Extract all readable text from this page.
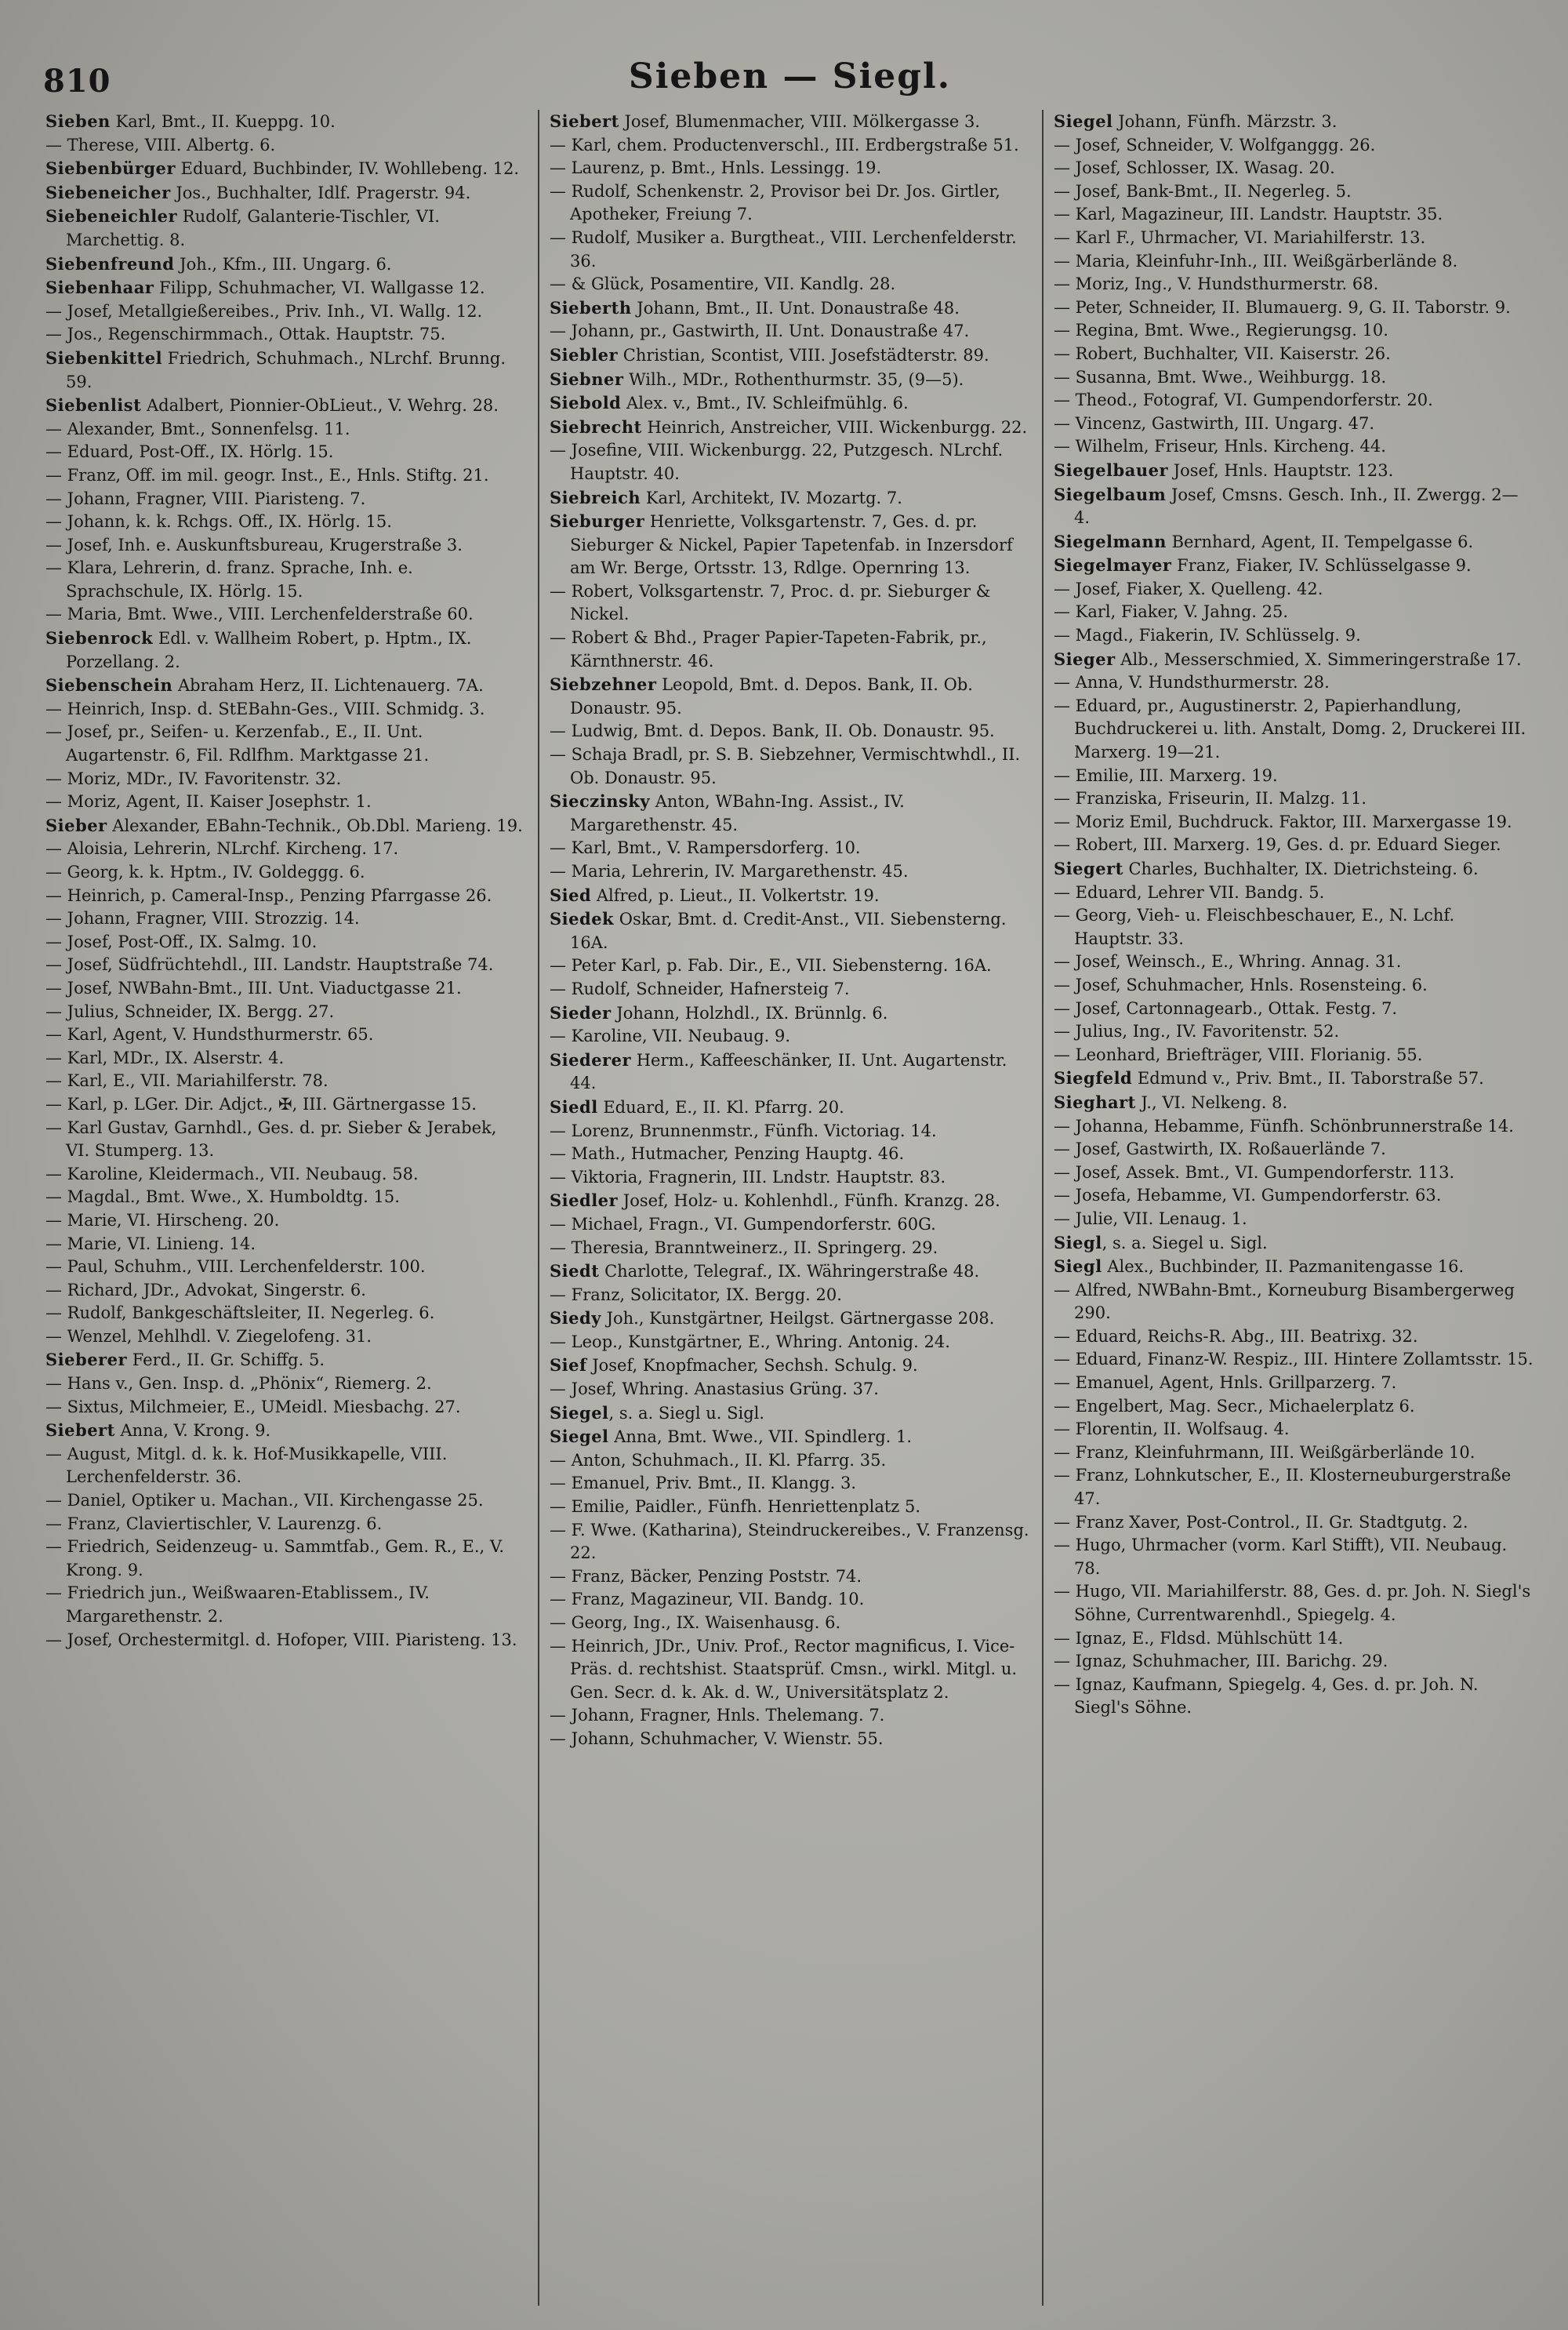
810	Sieben — Siegl.

Sieben Karl, Bmt., II. Kueppg. 10.

— Therese, VIII. Albertg. 6.

Siebenbürger Eduard, Buchbinder, IV. Wohllebeng. 12.

Siebeneicher Jos., Buchhalter, Idlf. Pragerstr. 94.

Siebeneichler Rudolf, Galanterie-Tischler, VI. Marchettig. 8.

Siebenfreund Joh., Kfm., III. Ungarg. 6.

Siebenhaar Filipp, Schuhmacher, VI. Wallgasse 12.

— Josef, Metallgießereibes., Priv. Inh., VI. Wallg. 12.

— Jos., Regenschirmmach., Ottak. Hauptstr. 75.

Siebenkittel Friedrich, Schuhmach., NLrchf. Brunng. 59.

Siebenlist Adalbert, Pionnier-ObLieut., V. Wehrg. 28.

— Alexander, Bmt., Sonnenfelsg. 11.

— Eduard, Post-Off., IX. Hörlg. 15.

— Franz, Off. im mil. geogr. Inst., E., Hnls. Stiftg. 21.

— Johann, Fragner, VIII. Piaristeng. 7.

— Johann, k. k. Rchgs. Off., IX. Hörlg. 15.

— Josef, Inh. e. Auskunftsbureau, Krugerstraße 3.

— Klara, Lehrerin, d. franz. Sprache, Inh. e. Sprachschule, IX. Hörlg. 15.

— Maria, Bmt. Wwe., VIII. Lerchenfelderstraße 60.

Siebenrock Edl. v. Wallheim Robert, p. Hptm., IX. Porzellang. 2.

Siebenschein Abraham Herz, II. Lichtenauerg. 7A.

— Heinrich, Insp. d. StEBahn-Ges., VIII. Schmidg. 3.

— Josef, pr., Seifen- u. Kerzenfab., E., II. Unt. Augartenstr. 6, Fil. Rdlfhm. Marktgasse 21.

— Moriz, MDr., IV. Favoritenstr. 32.

— Moriz, Agent, II. Kaiser Josephstr. 1.

Sieber Alexander, EBahn-Technik., Ob.Dbl. Marieng. 19.

— Aloisia, Lehrerin, NLrchf. Kircheng. 17.

— Georg, k. k. Hptm., IV. Goldeggg. 6.

— Heinrich, p. Cameral-Insp., Penzing Pfarrgasse 26.

— Johann, Fragner, VIII. Strozzig. 14.

— Josef, Post-Off., IX. Salmg. 10.

— Josef, Südfrüchtehdl., III. Landstr. Hauptstraße 74.

— Josef, NWBahn-Bmt., III. Unt. Viaductgasse 21.

— Julius, Schneider, IX. Bergg. 27.

— Karl, Agent, V. Hundsthurmerstr. 65.

— Karl, MDr., IX. Alserstr. 4.

— Karl, E., VII. Mariahilferstr. 78.

— Karl, p. LGer. Dir. Adjct., ✠, III. Gärtnergasse 15.

— Karl Gustav, Garnhdl., Ges. d. pr. Sieber & Jerabek, VI. Stumperg. 13.

— Karoline, Kleidermach., VII. Neubaug. 58.

— Magdal., Bmt. Wwe., X. Humboldtg. 15.

— Marie, VI. Hirscheng. 20.

— Marie, VI. Linieng. 14.

— Paul, Schuhm., VIII. Lerchenfelderstr. 100.

— Richard, JDr., Advokat, Singerstr. 6.

— Rudolf, Bankgeschäftsleiter, II. Negerleg. 6.

— Wenzel, Mehlhdl. V. Ziegelofeng. 31.

Sieberer Ferd., II. Gr. Schiffg. 5.

— Hans v., Gen. Insp. d. „Phönix“, Riemerg. 2.

— Sixtus, Milchmeier, E., UMeidl. Miesbachg. 27.

Siebert Anna, V. Krong. 9.

— August, Mitgl. d. k. k. Hof-Musikkapelle, VIII. Lerchenfelderstr. 36.

— Daniel, Optiker u. Machan., VII. Kirchengasse 25.

— Franz, Claviertischler, V. Laurenzg. 6.

— Friedrich, Seidenzeug- u. Sammtfab., Gem. R., E., V. Krong. 9.

— Friedrich jun., Weißwaaren-Etablissem., IV. Margarethenstr. 2.

— Josef, Orchestermitgl. d. Hofoper, VIII. Piaristeng. 13.

Siebert Josef, Blumenmacher, VIII. Mölkergasse 3.

— Karl, chem. Productenverschl., III. Erdbergstraße 51.

— Laurenz, p. Bmt., Hnls. Lessingg. 19.

— Rudolf, Schenkenstr. 2, Provisor bei Dr. Jos. Girtler, Apotheker, Freiung 7.

— Rudolf, Musiker a. Burgtheat., VIII. Lerchenfelderstr. 36.

— & Glück, Posamentire, VII. Kandlg. 28.

Sieberth Johann, Bmt., II. Unt. Donaustraße 48.

— Johann, pr., Gastwirth, II. Unt. Donaustraße 47.

Siebler Christian, Scontist, VIII. Josefstädterstr. 89.

Siebner Wilh., MDr., Rothenthurmstr. 35, (9—5).

Siebold Alex. v., Bmt., IV. Schleifmühlg. 6.

Siebrecht Heinrich, Anstreicher, VIII. Wickenburgg. 22.

— Josefine, VIII. Wickenburgg. 22, Putzgesch. NLrchf. Hauptstr. 40.

Siebreich Karl, Architekt, IV. Mozartg. 7.

Sieburger Henriette, Volksgartenstr. 7, Ges. d. pr. Sieburger & Nickel, Papier Tapetenfab. in Inzersdorf am Wr. Berge, Ortsstr. 13, Rdlge. Opernring 13.

— Robert, Volksgartenstr. 7, Proc. d. pr. Sieburger & Nickel.

— Robert & Bhd., Prager Papier-Tapeten-Fabrik, pr., Kärnthnerstr. 46.

Siebzehner Leopold, Bmt. d. Depos. Bank, II. Ob. Donaustr. 95.

— Ludwig, Bmt. d. Depos. Bank, II. Ob. Donaustr. 95.

— Schaja Bradl, pr. S. B. Siebzehner, Vermischtwhdl., II. Ob. Donaustr. 95.

Sieczinsky Anton, WBahn-Ing. Assist., IV. Margarethenstr. 45.

— Karl, Bmt., V. Rampersdorferg. 10.

— Maria, Lehrerin, IV. Margarethenstr. 45.

Sied Alfred, p. Lieut., II. Volkertstr. 19.

Siedek Oskar, Bmt. d. Credit-Anst., VII. Siebensterng. 16A.

— Peter Karl, p. Fab. Dir., E., VII. Siebensterng. 16A.

— Rudolf, Schneider, Hafnersteig 7.

Sieder Johann, Holzhdl., IX. Brünnlg. 6.

— Karoline, VII. Neubaug. 9.

Siederer Herm., Kaffeeschänker, II. Unt. Augartenstr. 44.

Siedl Eduard, E., II. Kl. Pfarrg. 20.

— Lorenz, Brunnenmstr., Fünfh. Victoriag. 14.

— Math., Hutmacher, Penzing Hauptg. 46.

— Viktoria, Fragnerin, III. Lndstr. Hauptstr. 83.

Siedler Josef, Holz- u. Kohlenhdl., Fünfh. Kranzg. 28.

— Michael, Fragn., VI. Gumpendorferstr. 60G.

— Theresia, Branntweinerz., II. Springerg. 29.

Siedt Charlotte, Telegraf., IX. Währingerstraße 48.

— Franz, Solicitator, IX. Bergg. 20.

Siedy Joh., Kunstgärtner, Heilgst. Gärtnergasse 208.

— Leop., Kunstgärtner, E., Whring. Antonig. 24.

Sief Josef, Knopfmacher, Sechsh. Schulg. 9.

— Josef, Whring. Anastasius Grüng. 37.

Siegel, s. a. Siegl u. Sigl.

Siegel Anna, Bmt. Wwe., VII. Spindlerg. 1.

— Anton, Schuhmach., II. Kl. Pfarrg. 35.

— Emanuel, Priv. Bmt., II. Klangg. 3.

— Emilie, Paidler., Fünfh. Henriettenplatz 5.

— F. Wwe. (Katharina), Steindruckereibes., V. Franzensg. 22.

— Franz, Bäcker, Penzing Poststr. 74.

— Franz, Magazineur, VII. Bandg. 10.

— Georg, Ing., IX. Waisenhausg. 6.

— Heinrich, JDr., Univ. Prof., Rector magnificus, I. Vice-Präs. d. rechtshist. Staatsprüf. Cmsn., wirkl. Mitgl. u. Gen. Secr. d. k. Ak. d. W., Universitätsplatz 2.

— Johann, Fragner, Hnls. Thelemang. 7.

— Johann, Schuhmacher, V. Wienstr. 55.

Siegel Johann, Fünfh. Märzstr. 3.

— Josef, Schneider, V. Wolfganggg. 26.

— Josef, Schlosser, IX. Wasag. 20.

— Josef, Bank-Bmt., II. Negerleg. 5.

— Karl, Magazineur, III. Landstr. Hauptstr. 35.

— Karl F., Uhrmacher, VI. Mariahilferstr. 13.

— Maria, Kleinfuhr-Inh., III. Weißgärberlände 8.

— Moriz, Ing., V. Hundsthurmerstr. 68.

— Peter, Schneider, II. Blumauerg. 9, G. II. Taborstr. 9.

— Regina, Bmt. Wwe., Regierungsg. 10.

— Robert, Buchhalter, VII. Kaiserstr. 26.

— Susanna, Bmt. Wwe., Weihburgg. 18.

— Theod., Fotograf, VI. Gumpendorferstr. 20.

— Vincenz, Gastwirth, III. Ungarg. 47.

— Wilhelm, Friseur, Hnls. Kircheng. 44.

Siegelbauer Josef, Hnls. Hauptstr. 123.

Siegelbaum Josef, Cmsns. Gesch. Inh., II. Zwergg. 2—4.

Siegelmann Bernhard, Agent, II. Tempelgasse 6.

Siegelmayer Franz, Fiaker, IV. Schlüsselgasse 9.

— Josef, Fiaker, X. Quelleng. 42.

— Karl, Fiaker, V. Jahng. 25.

— Magd., Fiakerin, IV. Schlüsselg. 9.

Sieger Alb., Messerschmied, X. Simmeringerstraße 17.

— Anna, V. Hundsthurmerstr. 28.

— Eduard, pr., Augustinerstr. 2, Papierhandlung, Buchdruckerei u. lith. Anstalt, Domg. 2, Druckerei III. Marxerg. 19—21.

— Emilie, III. Marxerg. 19.

— Franziska, Friseurin, II. Malzg. 11.

— Moriz Emil, Buchdruck. Faktor, III. Marxergasse 19.

— Robert, III. Marxerg. 19, Ges. d. pr. Eduard Sieger.

Siegert Charles, Buchhalter, IX. Dietrichsteing. 6.

— Eduard, Lehrer VII. Bandg. 5.

— Georg, Vieh- u. Fleischbeschauer, E., N. Lchf. Hauptstr. 33.

— Josef, Weinsch., E., Whring. Annag. 31.

— Josef, Schuhmacher, Hnls. Rosensteing. 6.

— Josef, Cartonnagearb., Ottak. Festg. 7.

— Julius, Ing., IV. Favoritenstr. 52.

— Leonhard, Briefträger, VIII. Florianig. 55.

Siegfeld Edmund v., Priv. Bmt., II. Taborstraße 57.

Sieghart J., VI. Nelkeng. 8.

— Johanna, Hebamme, Fünfh. Schönbrunnerstraße 14.

— Josef, Gastwirth, IX. Roßauerlände 7.

— Josef, Assek. Bmt., VI. Gumpendorferstr. 113.

— Josefa, Hebamme, VI. Gumpendorferstr. 63.

— Julie, VII. Lenaug. 1.

Siegl, s. a. Siegel u. Sigl.

Siegl Alex., Buchbinder, II. Pazmanitengasse 16.

— Alfred, NWBahn-Bmt., Korneuburg Bisambergerweg 290.

— Eduard, Reichs-R. Abg., III. Beatrixg. 32.

— Eduard, Finanz-W. Respiz., III. Hintere Zollamtsstr. 15.

— Emanuel, Agent, Hnls. Grillparzerg. 7.

— Engelbert, Mag. Secr., Michaelerplatz 6.

— Florentin, II. Wolfsaug. 4.

— Franz, Kleinfuhrmann, III. Weißgärberlände 10.

— Franz, Lohnkutscher, E., II. Klosterneuburgerstraße 47.

— Franz Xaver, Post-Control., II. Gr. Stadtgutg. 2.

— Hugo, Uhrmacher (vorm. Karl Stifft), VII. Neubaug. 78.

— Hugo, VII. Mariahilferstr. 88, Ges. d. pr. Joh. N. Siegl's Söhne, Currentwarenhdl., Spiegelg. 4.

— Ignaz, E., Fldsd. Mühlschütt 14.

— Ignaz, Schuhmacher, III. Barichg. 29.

— Ignaz, Kaufmann, Spiegelg. 4, Ges. d. pr. Joh. N. Siegl's Söhne.
